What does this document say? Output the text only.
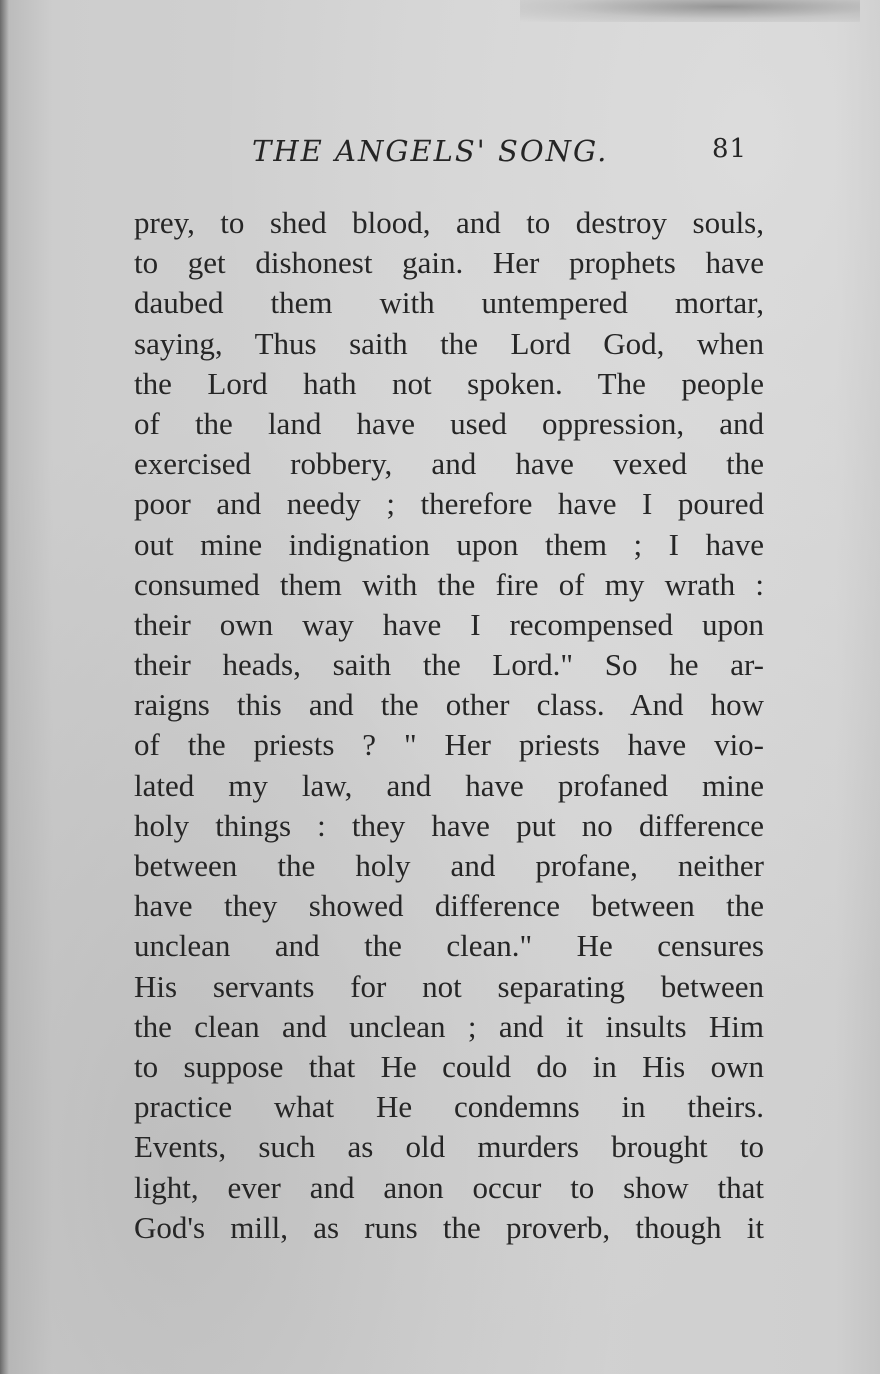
THE ANGELS' SONG.	81
prey, to shed blood, and to destroy souls,
to get dishonest gain. Her prophets have
daubed them with untempered mortar,
saying, Thus saith the Lord God, when
the Lord hath not spoken. The people
of the land have used oppression, and
exercised robbery, and have vexed the
poor and needy ; therefore have I poured
out mine indignation upon them ; I have
consumed them with the fire of my wrath :
their own way have I recompensed upon
their heads, saith the Lord." So he ar-
raigns this and the other class. And how
of the priests ? " Her priests have vio-
lated my law, and have profaned mine
holy things : they have put no difference
between the holy and profane, neither
have they showed difference between the
unclean and the clean." He censures
His servants for not separating between
the clean and unclean ; and it insults Him
to suppose that He could do in His own
practice what He condemns in theirs.
Events, such as old murders brought to
light, ever and anon occur to show that
God's mill, as runs the proverb, though it
